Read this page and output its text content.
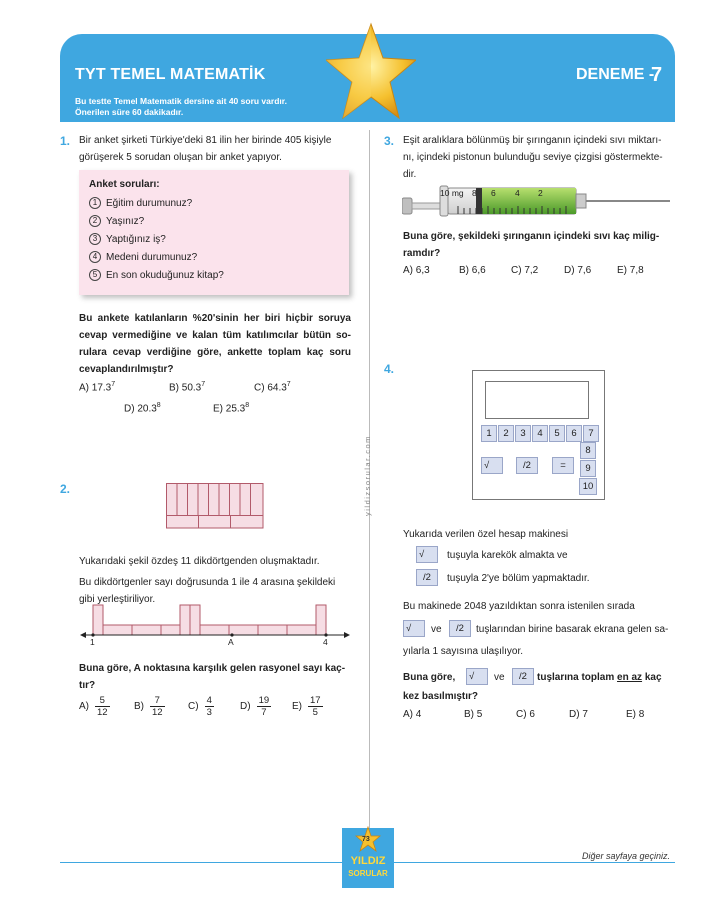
TYT TEMEL MATEMATİK
Bu testte Temel Matematik dersine ait 40 soru vardır.
Önerilen süre 60 dakikadır.
DENEME -
7
yildizsorular.com
1. Bir anket şirketi Türkiye'deki 81 ilin her birinde 405 kişiyle
görüşerek 5 sorudan oluşan bir anket yapıyor.
Anket soruları:
1 Eğitim durumunuz?
2 Yaşınız?
3 Yaptığınız iş?
4 Medeni durumunuz?
5 En son okuduğunuz kitap?
Bu ankete katılanların %20'sinin her biri hiçbir soruya
cevap vermediğine ve kalan tüm katılımcılar bütün so-
rulara cevap verdiğine göre, ankette toplam kaç soru
cevaplandırılmıştır?
A) 17.3$^7$	B) 50.3$^7$	C) 64.3$^7$
D) 20.3$^8$	E) 25.3$^8$
2.
Yukarıdaki şekil özdeş 11 dikdörtgenden oluşmaktadır.
Bu dikdörtgenler sayı doğrusunda 1 ile 4 arasına şekildeki
gibi yerleştiriliyor.
1	A	4
Buna göre, A noktasına karşılık gelen rasyonel sayı kaç-
tır?
$A) \frac{5}{12} B) \frac{7}{12} C) \frac{4}{3}$	$D) \frac{19}{7} E) \frac{17}{5}$
3. Eşit aralıklara bölünmüş bir şırınganın içindeki sıvı miktarı-
nı, içindeki pistonun bulunduğu seviye çizgisi göstermekte-
dir.
10 mg 8 6 4 2
Buna göre, şekildeki şırınganın içindeki sıvı kaç milig-
ramdır?
A) 6,3	B) 6,6	C) 7,2	D) 7,6	E) 7,8
4.
1 2 3 4 5 6 7
8
9
10
√	/2	=
Yukarıda verilen özel hesap makinesi
√	tuşuyla karekök almakta ve
/2	tuşuyla 2'ye bölüm yapmaktadır.
Bu makinede 2048 yazıldıktan sonra istenilen sırada
√	ve	/2	tuşlarından birine basarak ekrana gelen sa-
yılarla 1 sayısına ulaşılıyor.
Buna göre,	√	ve	/2	tuşlarına toplam en az kaç
kez basılmıştır?
A) 4	B) 5	C) 6	D) 7	E) 8
73
YILDIZ
SORULAR
Diğer sayfaya geçiniz.
